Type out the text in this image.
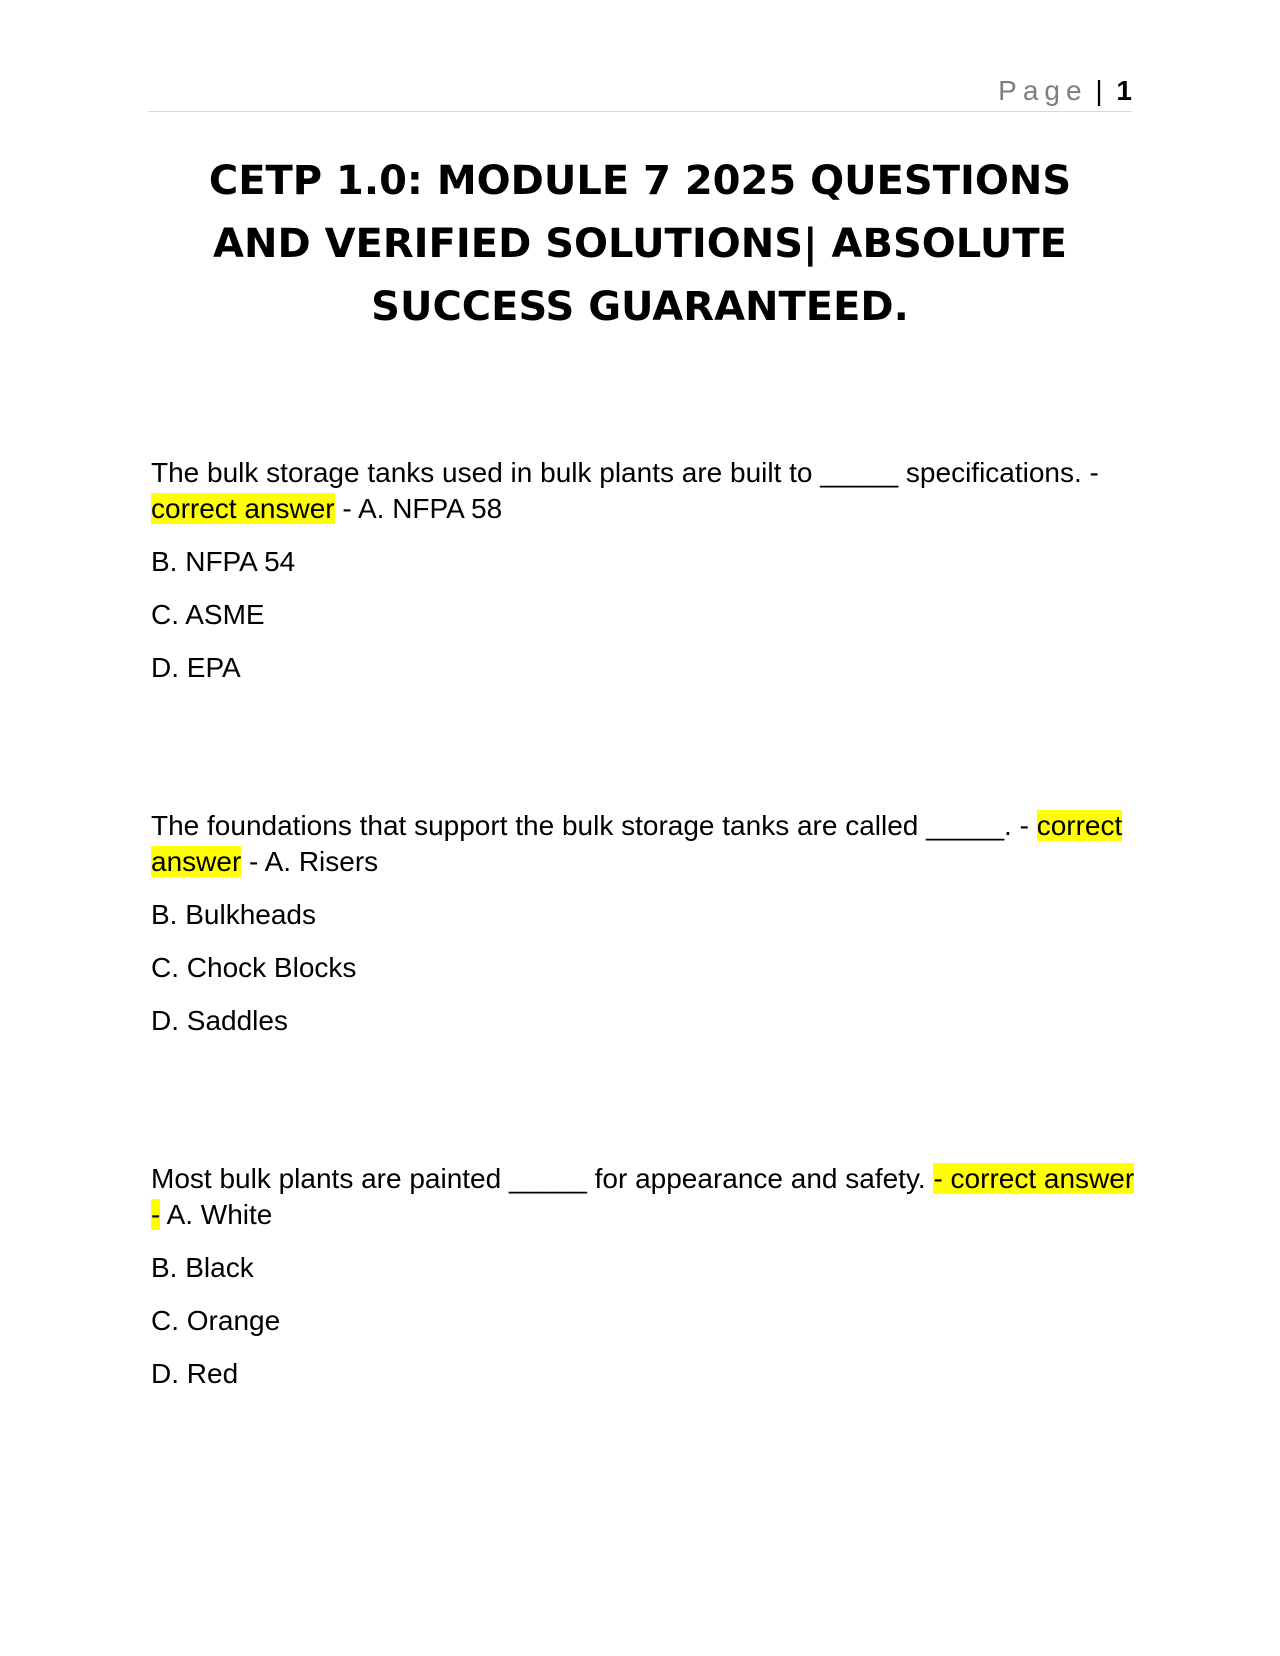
Page | 1
CETP 1.0: MODULE 7 2025 QUESTIONS AND VERIFIED SOLUTIONS| ABSOLUTE SUCCESS GUARANTEED.

The bulk storage tanks used in bulk plants are built to _____ specifications. - correct answer - A. NFPA 58

B. NFPA 54

C. ASME

D. EPA

The foundations that support the bulk storage tanks are called _____. - correct answer - A. Risers

B. Bulkheads

C. Chock Blocks

D. Saddles

Most bulk plants are painted _____ for appearance and safety. - correct answer - A. White

B. Black

C. Orange

D. Red
